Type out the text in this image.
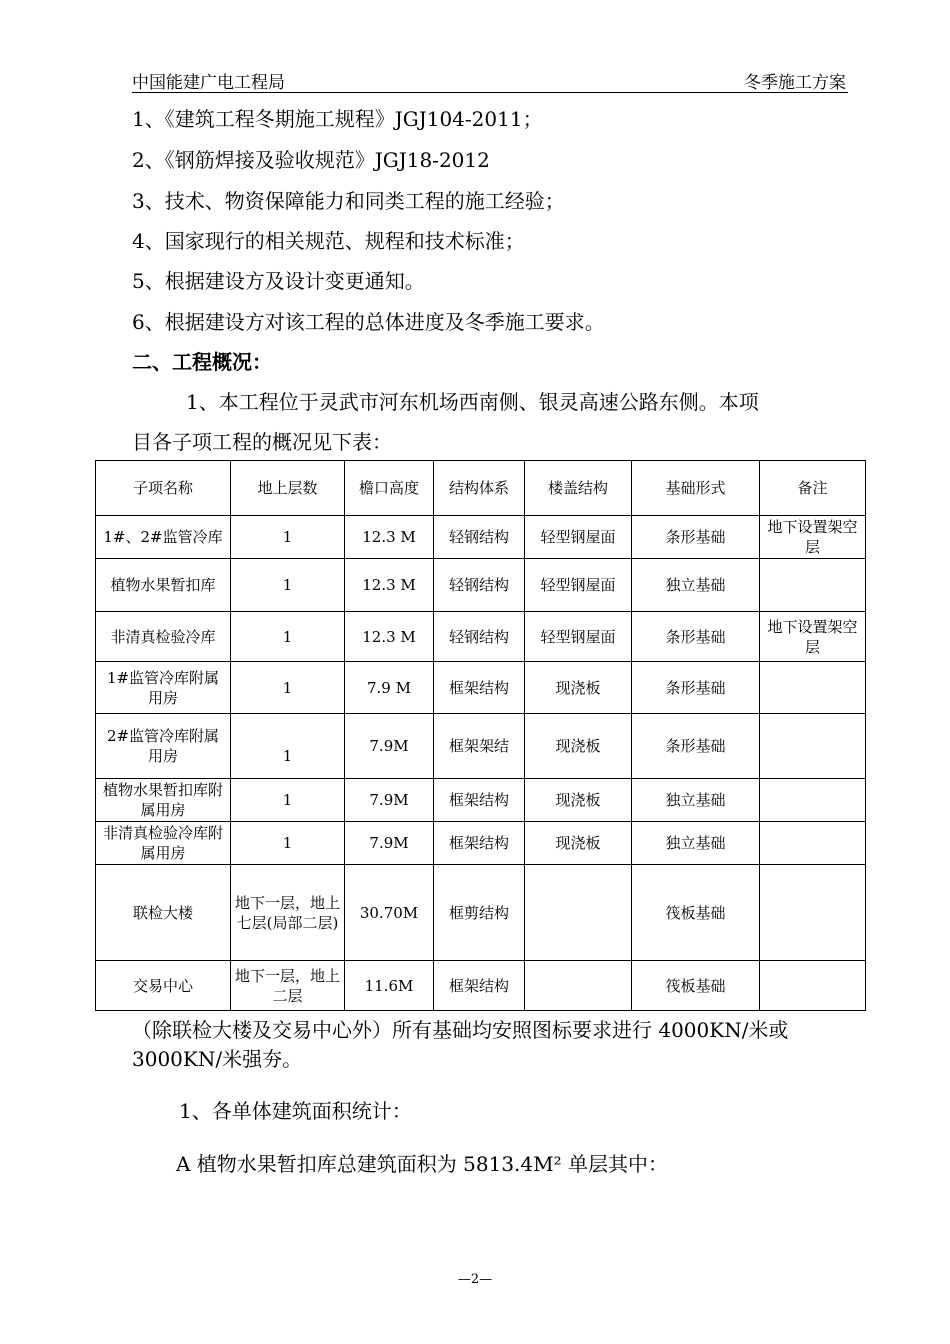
中国能建广电工程局	冬季施工方案
1、《建筑工程冬期施工规程》JGJ104-2011；
2、《钢筋焊接及验收规范》JGJ18-2012
3、技术、物资保障能力和同类工程的施工经验；
4、国家现行的相关规范、规程和技术标准；
5、根据建设方及设计变更通知。
6、根据建设方对该工程的总体进度及冬季施工要求。
二、工程概况：
1、本工程位于灵武市河东机场西南侧、银灵高速公路东侧。本项
目各子项工程的概况见下表：
子项名称	地上层数	檐口高度	结构体系	楼盖结构	基础形式	备注
1#、2#监管冷库	1	12.3 M	轻钢结构	轻型钢屋面	条形基础	地下设置架空层
植物水果暂扣库	1	12.3 M	轻钢结构	轻型钢屋面	独立基础	
非清真检验冷库	1	12.3 M	轻钢结构	轻型钢屋面	条形基础	地下设置架空层
1#监管冷库附属用房	1	7.9 M	框架结构	现浇板	条形基础	
2#监管冷库附属用房	1	7.9M	框架架结	现浇板	条形基础	
植物水果暂扣库附属用房	1	7.9M	框架结构	现浇板	独立基础	
非清真检验冷库附属用房	1	7.9M	框架结构	现浇板	独立基础	
联检大楼	地下一层，地上七层(局部二层)	30.70M	框剪结构		筏板基础	
交易中心	地下一层，地上二层	11.6M	框架结构		筏板基础	
（除联检大楼及交易中心外）所有基础均安照图标要求进行 4000KN/米或
3000KN/米强夯。
1、各单体建筑面积统计：
A 植物水果暂扣库总建筑面积为 5813.4M² 单层其中：
—2—
